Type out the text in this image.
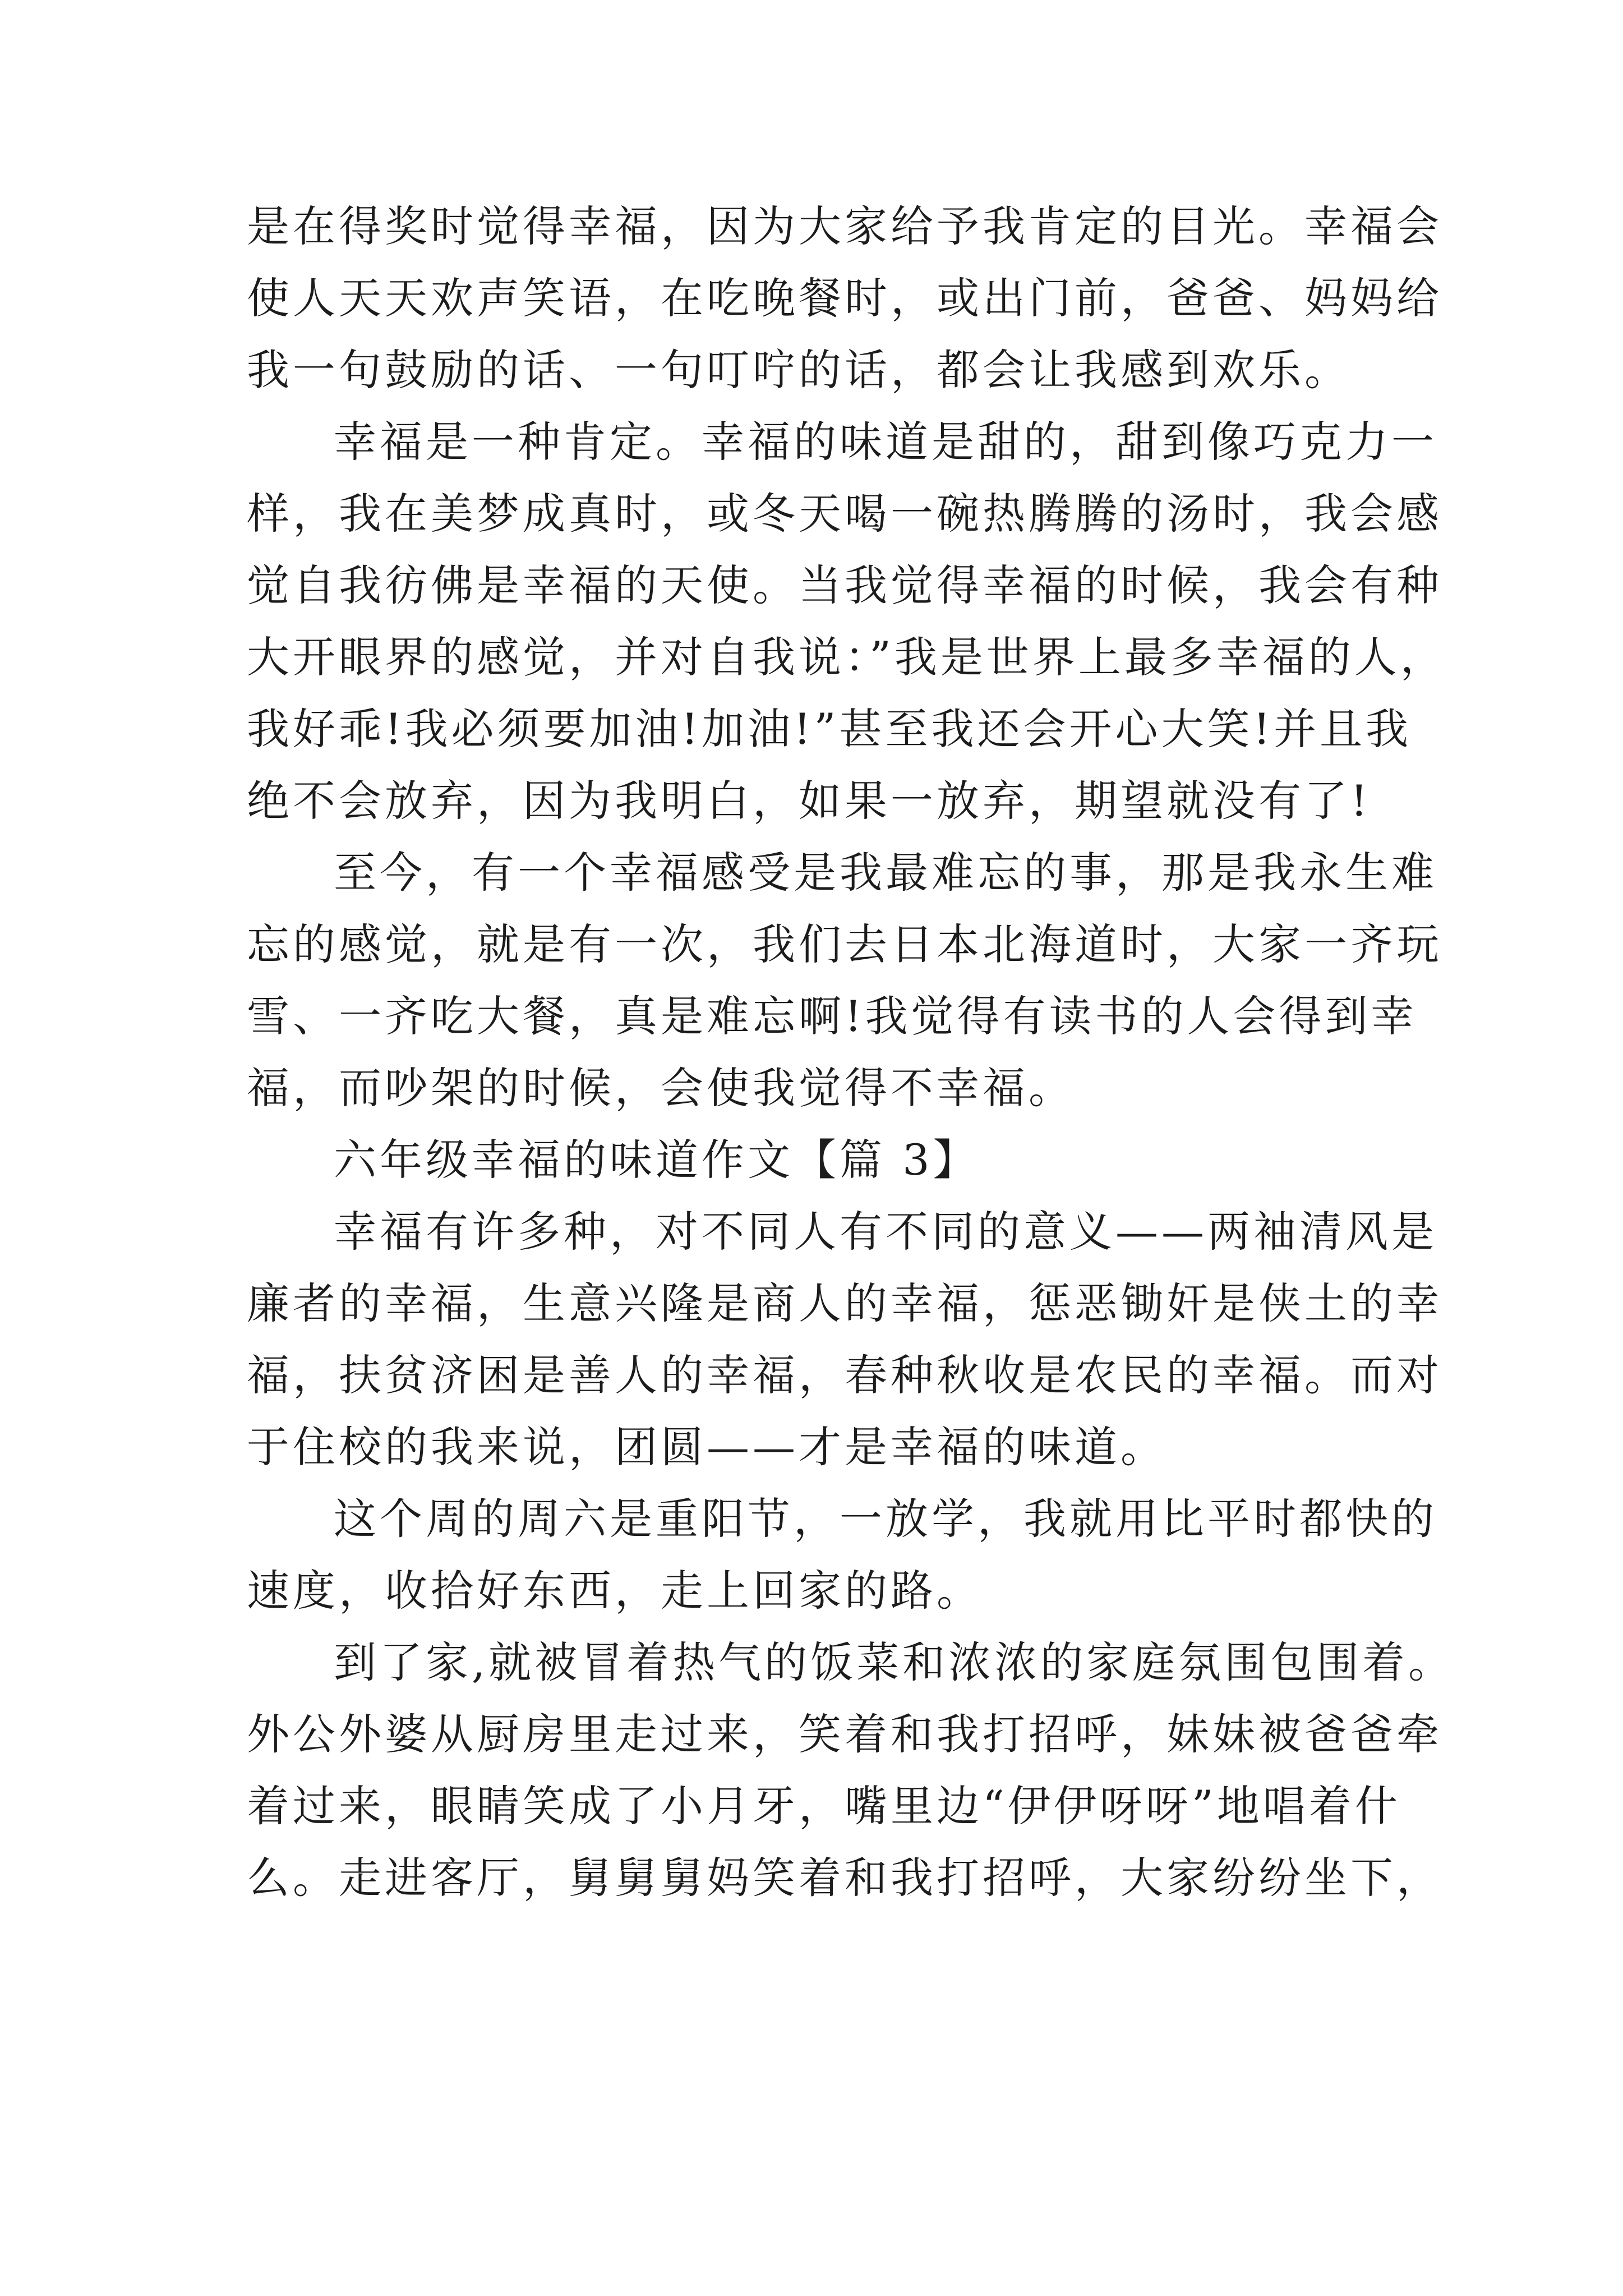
是在得奖时觉得幸福，因为大家给予我肯定的目光。幸福会
使人天天欢声笑语，在吃晚餐时，或出门前，爸爸、妈妈给
我一句鼓励的话、一句叮咛的话，都会让我感到欢乐。
幸福是一种肯定。幸福的味道是甜的，甜到像巧克力一
样，我在美梦成真时，或冬天喝一碗热腾腾的汤时，我会感
觉自我彷佛是幸福的天使。当我觉得幸福的时候，我会有种
大开眼界的感觉，并对自我说：”我是世界上最多幸福的人，
我好乖!我必须要加油!加油!”甚至我还会开心大笑!并且我
绝不会放弃，因为我明白，如果一放弃，期望就没有了!
至今，有一个幸福感受是我最难忘的事，那是我永生难
忘的感觉，就是有一次，我们去日本北海道时，大家一齐玩
雪、一齐吃大餐，真是难忘啊!我觉得有读书的人会得到幸
福，而吵架的时候，会使我觉得不幸福。
六年级幸福的味道作文【篇 3】
幸福有许多种，对不同人有不同的意义——两袖清风是
廉者的幸福，生意兴隆是商人的幸福，惩恶锄奸是侠土的幸
福，扶贫济困是善人的幸福，春种秋收是农民的幸福。而对
于住校的我来说，团圆——才是幸福的味道。
这个周的周六是重阳节，一放学，我就用比平时都快的
速度，收拾好东西，走上回家的路。
到了家,就被冒着热气的饭菜和浓浓的家庭氛围包围着。
外公外婆从厨房里走过来，笑着和我打招呼，妹妹被爸爸牵
着过来，眼睛笑成了小月牙，嘴里边“伊伊呀呀”地唱着什
么。走进客厅，舅舅舅妈笑着和我打招呼，大家纷纷坐下，
